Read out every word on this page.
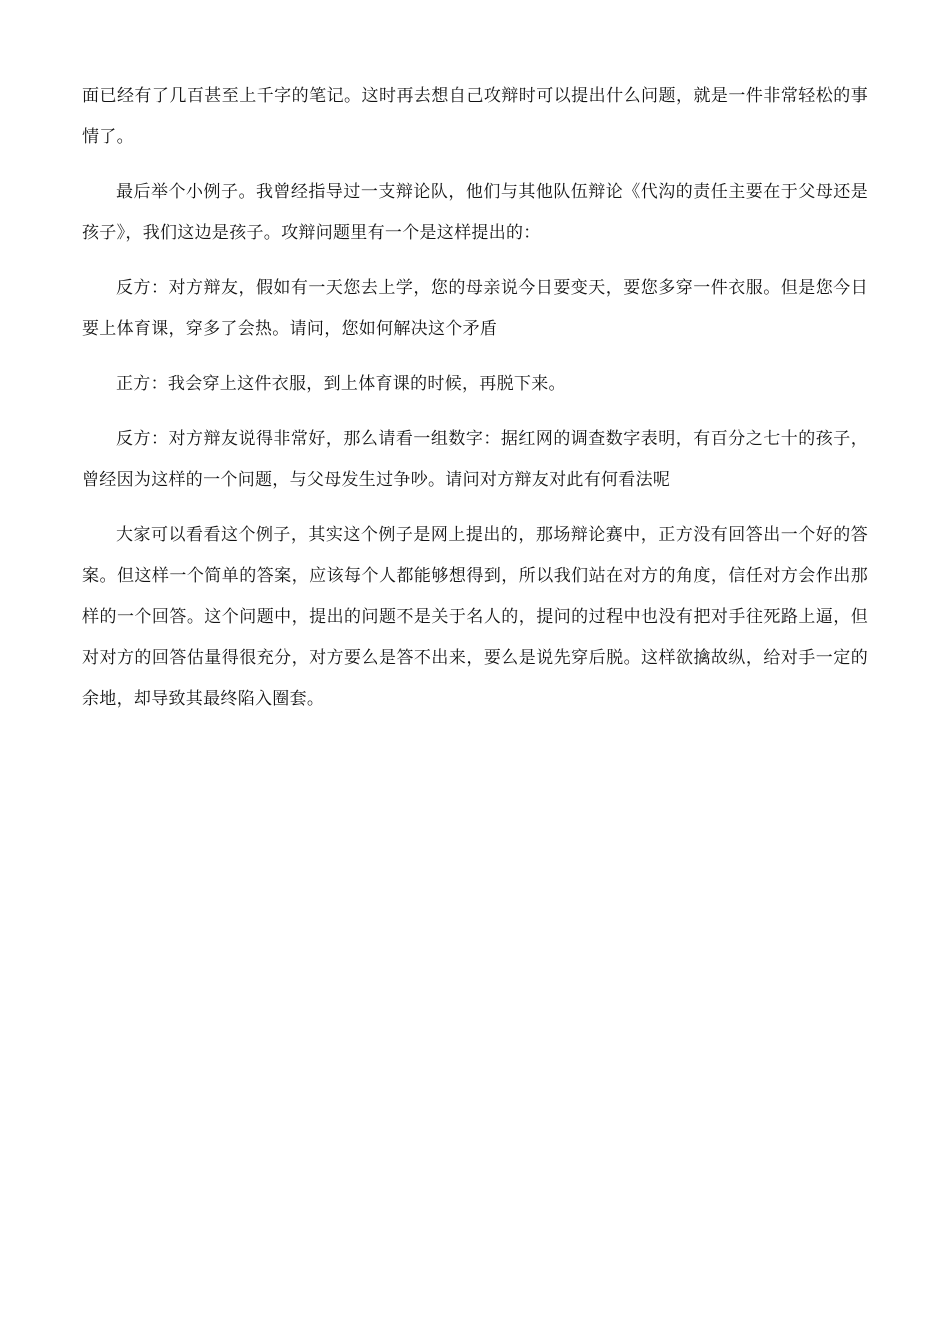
面已经有了几百甚至上千字的笔记。这时再去想自己攻辩时可以提出什么问题，就是一件非常轻松的事情了。

最后举个小例子。我曾经指导过一支辩论队，他们与其他队伍辩论《代沟的责任主要在于父母还是孩子》，我们这边是孩子。攻辩问题里有一个是这样提出的：

反方：对方辩友，假如有一天您去上学，您的母亲说今日要变天，要您多穿一件衣服。但是您今日要上体育课，穿多了会热。请问，您如何解决这个矛盾

正方：我会穿上这件衣服，到上体育课的时候，再脱下来。

反方：对方辩友说得非常好，那么请看一组数字：据红网的调查数字表明，有百分之七十的孩子，曾经因为这样的一个问题，与父母发生过争吵。请问对方辩友对此有何看法呢

大家可以看看这个例子，其实这个例子是网上提出的，那场辩论赛中，正方没有回答出一个好的答案。但这样一个简单的答案，应该每个人都能够想得到，所以我们站在对方的角度，信任对方会作出那样的一个回答。这个问题中，提出的问题不是关于名人的，提问的过程中也没有把对手往死路上逼，但对对方的回答估量得很充分，对方要么是答不出来，要么是说先穿后脱。这样欲擒故纵，给对手一定的余地，却导致其最终陷入圈套。
